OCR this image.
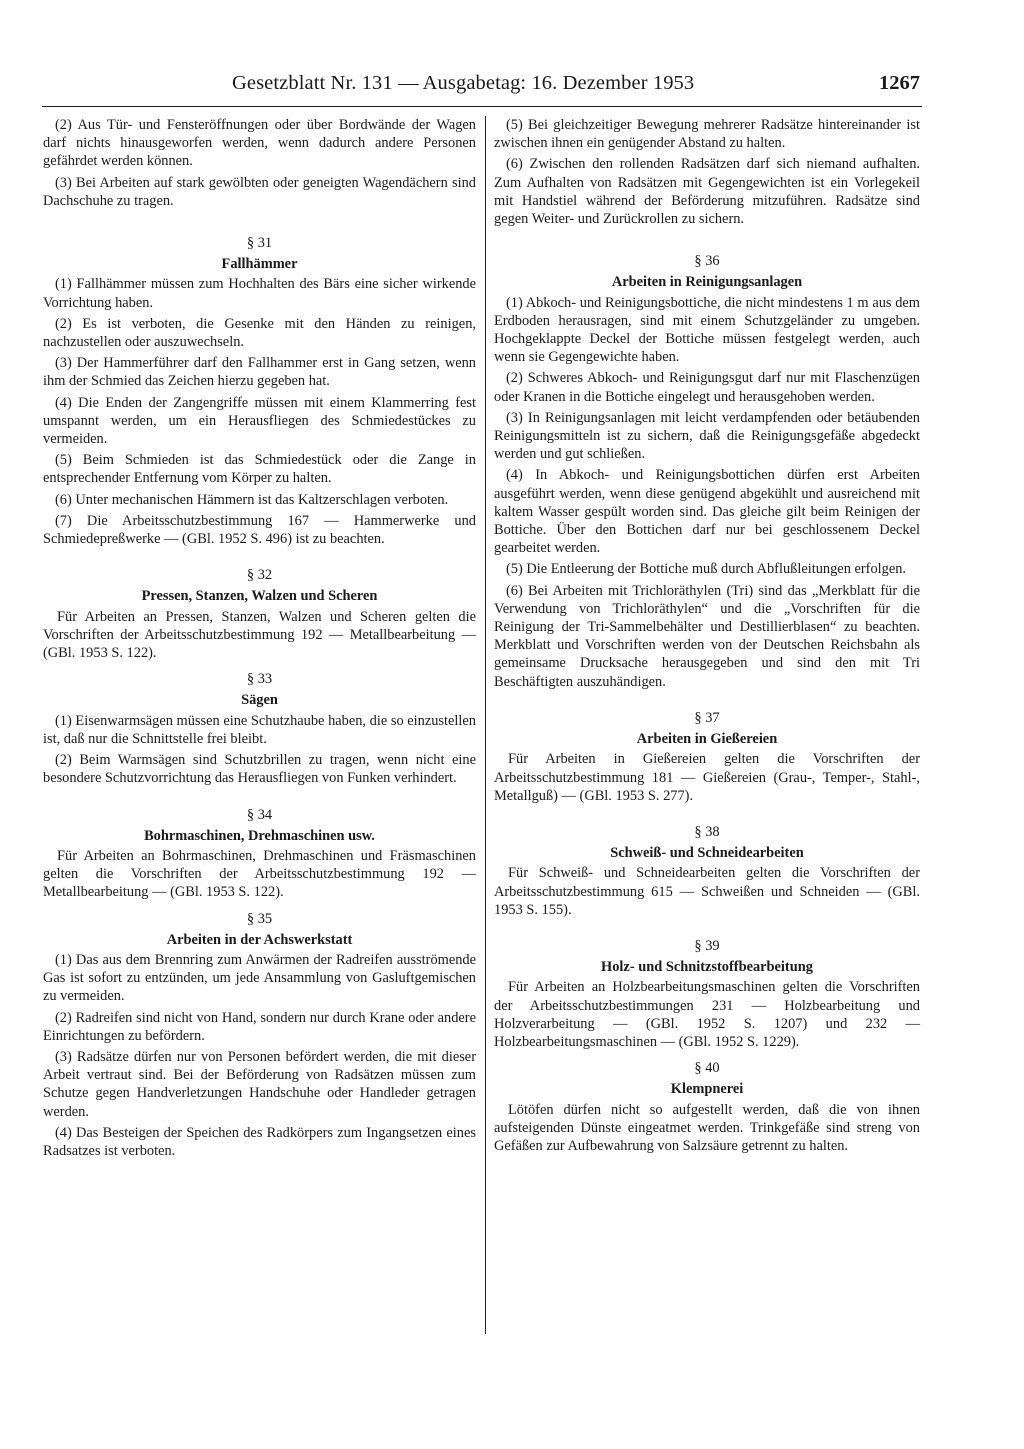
Gesetzblatt Nr. 131 — Ausgabetag: 16. Dezember 1953	1267

(2) Aus Tür- und Fensteröffnungen oder über Bordwände der Wagen darf nichts hinausgeworfen werden, wenn dadurch andere Personen gefährdet werden können.

(3) Bei Arbeiten auf stark gewölbten oder geneigten Wagendächern sind Dachschuhe zu tragen.

§ 31
Fallhämmer

(1) Fallhämmer müssen zum Hochhalten des Bärs eine sicher wirkende Vorrichtung haben.

(2) Es ist verboten, die Gesenke mit den Händen zu reinigen, nachzustellen oder auszuwechseln.

(3) Der Hammerführer darf den Fallhammer erst in Gang setzen, wenn ihm der Schmied das Zeichen hierzu gegeben hat.

(4) Die Enden der Zangengriffe müssen mit einem Klammerring fest umspannt werden, um ein Herausfliegen des Schmiedestückes zu vermeiden.

(5) Beim Schmieden ist das Schmiedestück oder die Zange in entsprechender Entfernung vom Körper zu halten.

(6) Unter mechanischen Hämmern ist das Kaltzerschlagen verboten.

(7) Die Arbeitsschutzbestimmung 167 — Hammerwerke und Schmiedepreßwerke — (GBl. 1952 S. 496) ist zu beachten.

§ 32
Pressen, Stanzen, Walzen und Scheren

Für Arbeiten an Pressen, Stanzen, Walzen und Scheren gelten die Vorschriften der Arbeitsschutzbestimmung 192 — Metallbearbeitung — (GBl. 1953 S. 122).

§ 33
Sägen

(1) Eisenwarmsägen müssen eine Schutzhaube haben, die so einzustellen ist, daß nur die Schnittstelle frei bleibt.

(2) Beim Warmsägen sind Schutzbrillen zu tragen, wenn nicht eine besondere Schutzvorrichtung das Herausfliegen von Funken verhindert.

§ 34
Bohrmaschinen, Drehmaschinen usw.

Für Arbeiten an Bohrmaschinen, Drehmaschinen und Fräsmaschinen gelten die Vorschriften der Arbeitsschutzbestimmung 192 — Metallbearbeitung — (GBl. 1953 S. 122).

§ 35
Arbeiten in der Achswerkstatt

(1) Das aus dem Brennring zum Anwärmen der Radreifen ausströmende Gas ist sofort zu entzünden, um jede Ansammlung von Gasluftgemischen zu vermeiden.

(2) Radreifen sind nicht von Hand, sondern nur durch Krane oder andere Einrichtungen zu befördern.

(3) Radsätze dürfen nur von Personen befördert werden, die mit dieser Arbeit vertraut sind. Bei der Beförderung von Radsätzen müssen zum Schutze gegen Handverletzungen Handschuhe oder Handleder getragen werden.

(4) Das Besteigen der Speichen des Radkörpers zum Ingangsetzen eines Radsatzes ist verboten.

(5) Bei gleichzeitiger Bewegung mehrerer Radsätze hintereinander ist zwischen ihnen ein genügender Abstand zu halten.

(6) Zwischen den rollenden Radsätzen darf sich niemand aufhalten. Zum Aufhalten von Radsätzen mit Gegengewichten ist ein Vorlegekeil mit Handstiel während der Beförderung mitzuführen. Radsätze sind gegen Weiter- und Zurückrollen zu sichern.

§ 36
Arbeiten in Reinigungsanlagen

(1) Abkoch- und Reinigungsbottiche, die nicht mindestens 1 m aus dem Erdboden herausragen, sind mit einem Schutzgeländer zu umgeben. Hochgeklappte Deckel der Bottiche müssen festgelegt werden, auch wenn sie Gegengewichte haben.

(2) Schweres Abkoch- und Reinigungsgut darf nur mit Flaschenzügen oder Kranen in die Bottiche eingelegt und herausgehoben werden.

(3) In Reinigungsanlagen mit leicht verdampfenden oder betäubenden Reinigungsmitteln ist zu sichern, daß die Reinigungsgefäße abgedeckt werden und gut schließen.

(4) In Abkoch- und Reinigungsbottichen dürfen erst Arbeiten ausgeführt werden, wenn diese genügend abgekühlt und ausreichend mit kaltem Wasser gespült worden sind. Das gleiche gilt beim Reinigen der Bottiche. Über den Bottichen darf nur bei geschlossenem Deckel gearbeitet werden.

(5) Die Entleerung der Bottiche muß durch Abflußleitungen erfolgen.

(6) Bei Arbeiten mit Trichloräthylen (Tri) sind das „Merkblatt für die Verwendung von Trichloräthylen“ und die „Vorschriften für die Reinigung der Tri-Sammelbehälter und Destillierblasen“ zu beachten. Merkblatt und Vorschriften werden von der Deutschen Reichsbahn als gemeinsame Drucksache herausgegeben und sind den mit Tri Beschäftigten auszuhändigen.

§ 37
Arbeiten in Gießereien

Für Arbeiten in Gießereien gelten die Vorschriften der Arbeitsschutzbestimmung 181 — Gießereien (Grau-, Temper-, Stahl-, Metallguß) — (GBl. 1953 S. 277).

§ 38
Schweiß- und Schneidearbeiten

Für Schweiß- und Schneidearbeiten gelten die Vorschriften der Arbeitsschutzbestimmung 615 — Schweißen und Schneiden — (GBl. 1953 S. 155).

§ 39
Holz- und Schnitzstoffbearbeitung

Für Arbeiten an Holzbearbeitungsmaschinen gelten die Vorschriften der Arbeitsschutzbestimmungen 231 — Holzbearbeitung und Holzverarbeitung — (GBl. 1952 S. 1207) und 232 — Holzbearbeitungsmaschinen — (GBl. 1952 S. 1229).

§ 40
Klempnerei

Lötöfen dürfen nicht so aufgestellt werden, daß die von ihnen aufsteigenden Dünste eingeatmet werden. Trinkgefäße sind streng von Gefäßen zur Aufbewahrung von Salzsäure getrennt zu halten.
